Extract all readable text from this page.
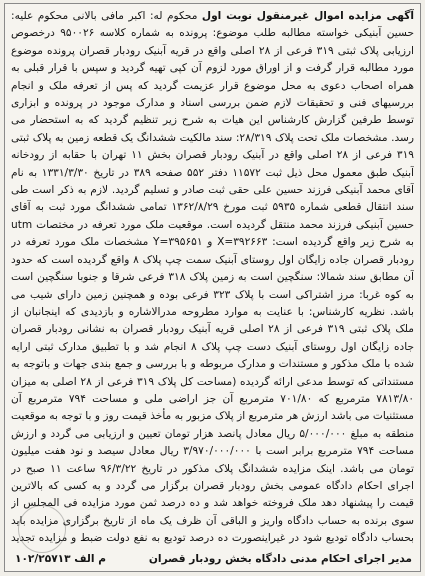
آگهی مزایده اموال غیرمنقول نوبت اول محکوم له: اکبر مافی بالانی محکوم علیه: حسین آبنیکی خواسته مطالبه طلب موضوع: پرونده به شماره کلاسه ۹۵۰۰۲۶ درخصوص ارزیابی پلاک ثبتی ۳۱۹ فرعی از ۲۸ اصلی واقع در قریه آبنیک رودبار قصران پرونده موضوع مورد مطالبه قرار گرفت و از اوراق مورد لزوم آن کپی تهیه گردید و سپس با قرار قبلی به همراه اصحاب دعوی به محل موضوع قرار عزیمت گردید که پس از تعرفه ملک و انجام بررسیهای فنی و تحقیقات لازم ضمن بررسی اسناد و مدارک موجود در پرونده و ابزاری توسط طرفین گزارش کارشناس این هیات به شرح زیر تنظیم گردید که به استحضار می رسد. مشخصات ملک تحت پلاک ۲۸/۳۱۹: سند مالکیت ششدانگ یک قطعه زمین به پلاک ثبتی ۳۱۹ فرعی از ۲۸ اصلی واقع در آبنیک رودبار قصران بخش ۱۱ تهران با حقابه از رودخانه آبنیک طبق معمول محل ذیل ثبت ۱۱۵۷۲ دفتر ۵۵۲ صفحه ۳۸۹ در تاریخ ۱۳۳۱/۳/۳۰ به نام آقای محمد آبنیکی فرزند حسین علی حقی ثبت صادر و تسلیم گردید. لازم به ذکر است طی سند انتقال قطعی شماره ۵۹۳۵ ثبت مورخ ۱۳۶۲/۸/۲۹ تمامی ششدانگ مورد ثبت به آقای حسین آبنیکی فرزند محمد منتقل گردیده است. موقعیت ملک مورد تعرفه در مختصات utm به شرح زیر واقع گردیده است: X=۳۹۲۶۶۳ و Y=۳۹۵۶۵۱ مشخصات ملک مورد تعرفه در رودبار قصران جاده زایگان اول روستای آبنیک سمت چپ پلاک ۸ واقع گردیده است که حدود آن مطابق سند شمالا: سنگچین است به زمین پلاک ۳۱۸ فرعی شرقا و جنوبا سنگچین است به کوه غربا: مرز اشتراکی است با پلاک ۳۲۳ فرعی بوده و همچنین زمین دارای شیب می باشد. نظریه کارشناس: با عنایت به موارد مطروحه مدرالاشاره و بازدیدی که اینجانبان از ملک پلاک ثبتی ۳۱۹ فرعی از ۲۸ اصلی قریه آبنیک رودبار قصران به نشانی رودبار قصران جاده زایگان اول روستای آبنیک دست چپ پلاک ۸ انجام شد و با تطبیق مدارک ثبتی ارایه شده با ملک مذکور و مستندات و مدارک مربوطه و با بررسی و جمع بندی جهات و باتوجه به مستنداتی که توسط مدعی ارائه گردیده (مساحت کل پلاک ۳۱۹ فرعی از ۲۸ اصلی به میزان ۷۸۱۳/۸۰ مترمربع که ۷۰۱/۸۰ مترمربع آن جز اراضی ملی و مساحت ۷۹۴ مترمربع آن مستثنیات می باشد ارزش هر مترمربع از پلاک مزبور به مأخذ قیمت روز و با توجه به موقعیت منطقه به مبلغ ۵/۰۰۰/۰۰۰ ریال معادل پانصد هزار تومان تعیین و ارزیابی می گردد و ارزش مساحت ۷۹۴ مترمربع برابر است با ۳/۹۷۰/۰۰۰/۰۰۰ ریال معادل سیصد و نود هفت میلیون تومان می باشد. اینک مزایده ششدانگ پلاک مذکور در تاریخ ۹۶/۳/۲۲ ساعت ۱۱ صبح در اجرای احکام دادگاه عمومی بخش رودبار قصران برگزار می گردد و به کسی که بالاترین قیمت را پیشنهاد دهد ملک فروخته خواهد شد و ده درصد ثمن مورد مزایده فی المجلس از سوی برنده به حساب دادگاه واریز و الباقی آن ظرف یک ماه از تاریخ برگزاری مزایده باید بحساب دادگاه تودیع شود در غیراینصورت ده درصد تودیع به نفع دولت ضبط و مزایده تجدید

مدیر اجرای احکام مدنی دادگاه بخش رودبار قصران
م الف ۱۰۲/۲۵۷۱۳
